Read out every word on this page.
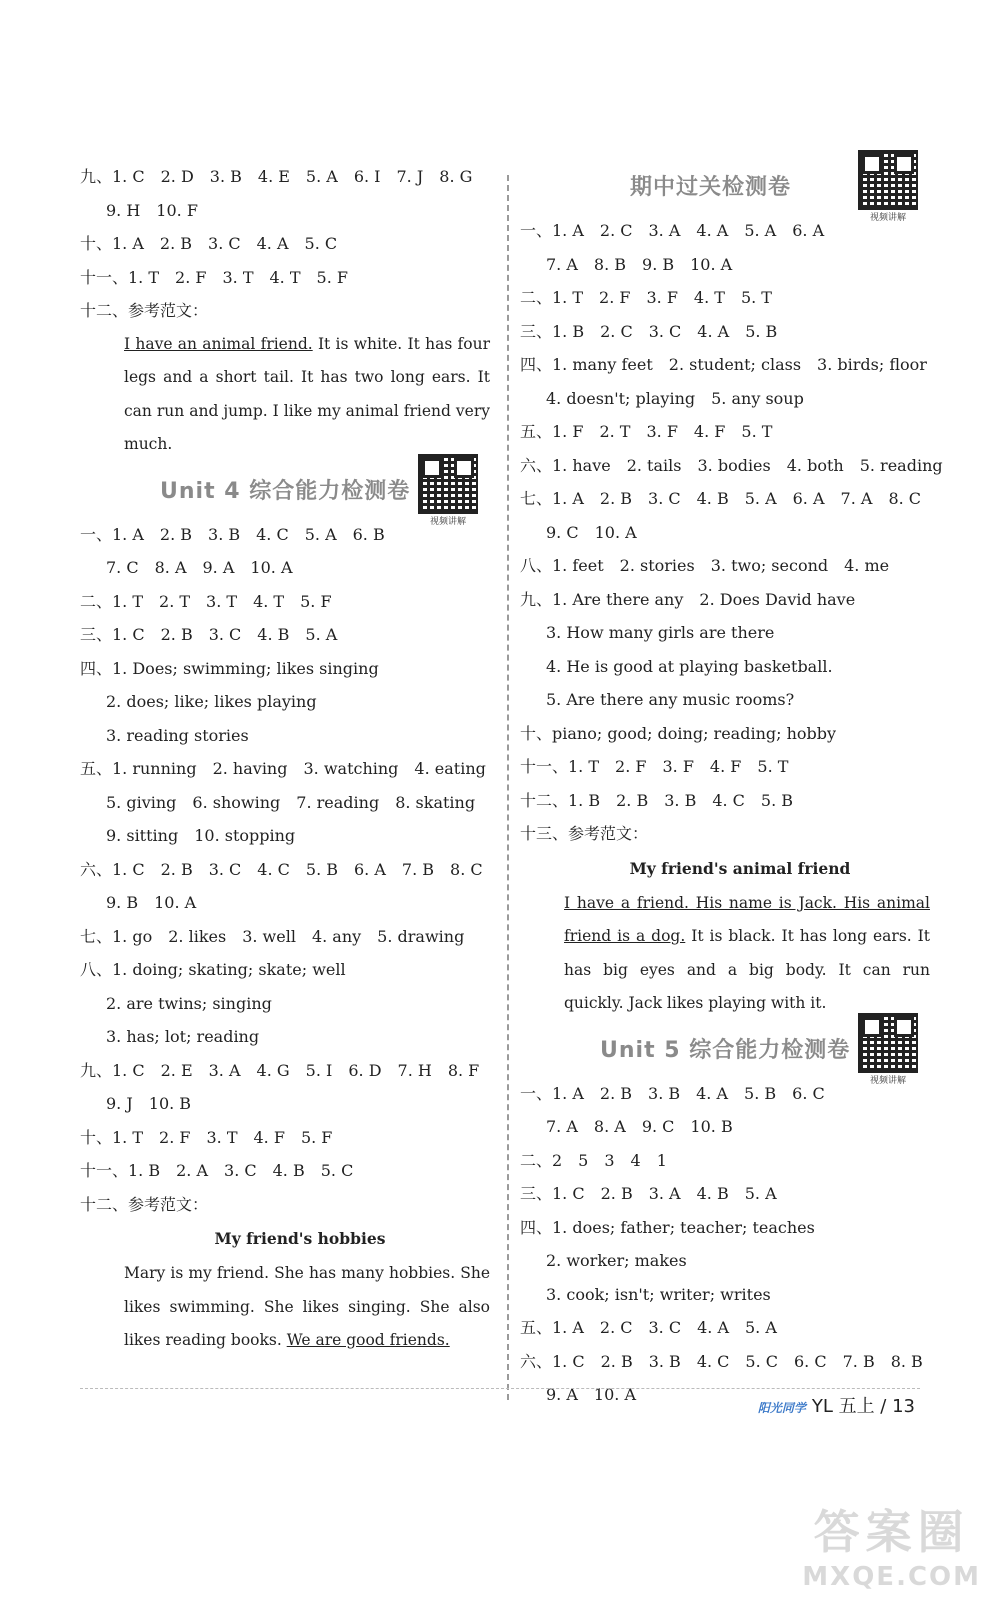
九、1. C　2. D　3. B　4. E　5. A　6. I　7. J　8. G
9. H　10. F
十、1. A　2. B　3. C　4. A　5. C
十一、1. T　2. F　3. T　4. T　5. F
十二、参考范文：
I have an animal friend. It is white. It has four legs and a short tail. It has two long ears. It can run and jump. I like my animal friend very much.
Unit 4 综合能力检测卷
视频讲解
一、1. A　2. B　3. B　4. C　5. A　6. B
7. C　8. A　9. A　10. A
二、1. T　2. T　3. T　4. T　5. F
三、1. C　2. B　3. C　4. B　5. A
四、1. Does; swimming; likes singing
2. does; like; likes playing
3. reading stories
五、1. running　2. having　3. watching　4. eating
5. giving　6. showing　7. reading　8. skating
9. sitting　10. stopping
六、1. C　2. B　3. C　4. C　5. B　6. A　7. B　8. C
9. B　10. A
七、1. go　2. likes　3. well　4. any　5. drawing
八、1. doing; skating; skate; well
2. are twins; singing
3. has; lot; reading
九、1. C　2. E　3. A　4. G　5. I　6. D　7. H　8. F
9. J　10. B
十、1. T　2. F　3. T　4. F　5. F
十一、1. B　2. A　3. C　4. B　5. C
十二、参考范文：
My friend's hobbies
Mary is my friend. She has many hobbies. She likes swimming. She likes singing. She also likes reading books. We are good friends.
期中过关检测卷
视频讲解
一、1. A　2. C　3. A　4. A　5. A　6. A
7. A　8. B　9. B　10. A
二、1. T　2. F　3. F　4. T　5. T
三、1. B　2. C　3. C　4. A　5. B
四、1. many feet　2. student; class　3. birds; floor
4. doesn't; playing　5. any soup
五、1. F　2. T　3. F　4. F　5. T
六、1. have　2. tails　3. bodies　4. both　5. reading
七、1. A　2. B　3. C　4. B　5. A　6. A　7. A　8. C
9. C　10. A
八、1. feet　2. stories　3. two; second　4. me
九、1. Are there any　2. Does David have
3. How many girls are there
4. He is good at playing basketball.
5. Are there any music rooms?
十、piano; good; doing; reading; hobby
十一、1. T　2. F　3. F　4. F　5. T
十二、1. B　2. B　3. B　4. C　5. B
十三、参考范文：
My friend's animal friend
I have a friend. His name is Jack. His animal friend is a dog. It is black. It has long ears. It has big eyes and a big body. It can run quickly. Jack likes playing with it.
Unit 5 综合能力检测卷
视频讲解
一、1. A　2. B　3. B　4. A　5. B　6. C
7. A　8. A　9. C　10. B
二、2　5　3　4　1
三、1. C　2. B　3. A　4. B　5. A
四、1. does; father; teacher; teaches
2. worker; makes
3. cook; isn't; writer; writes
五、1. A　2. C　3. C　4. A　5. A
六、1. C　2. B　3. B　4. C　5. C　6. C　7. B　8. B
9. A　10. A
阳光同学 YL 五上 / 13
答案圈
MXQE.COM
